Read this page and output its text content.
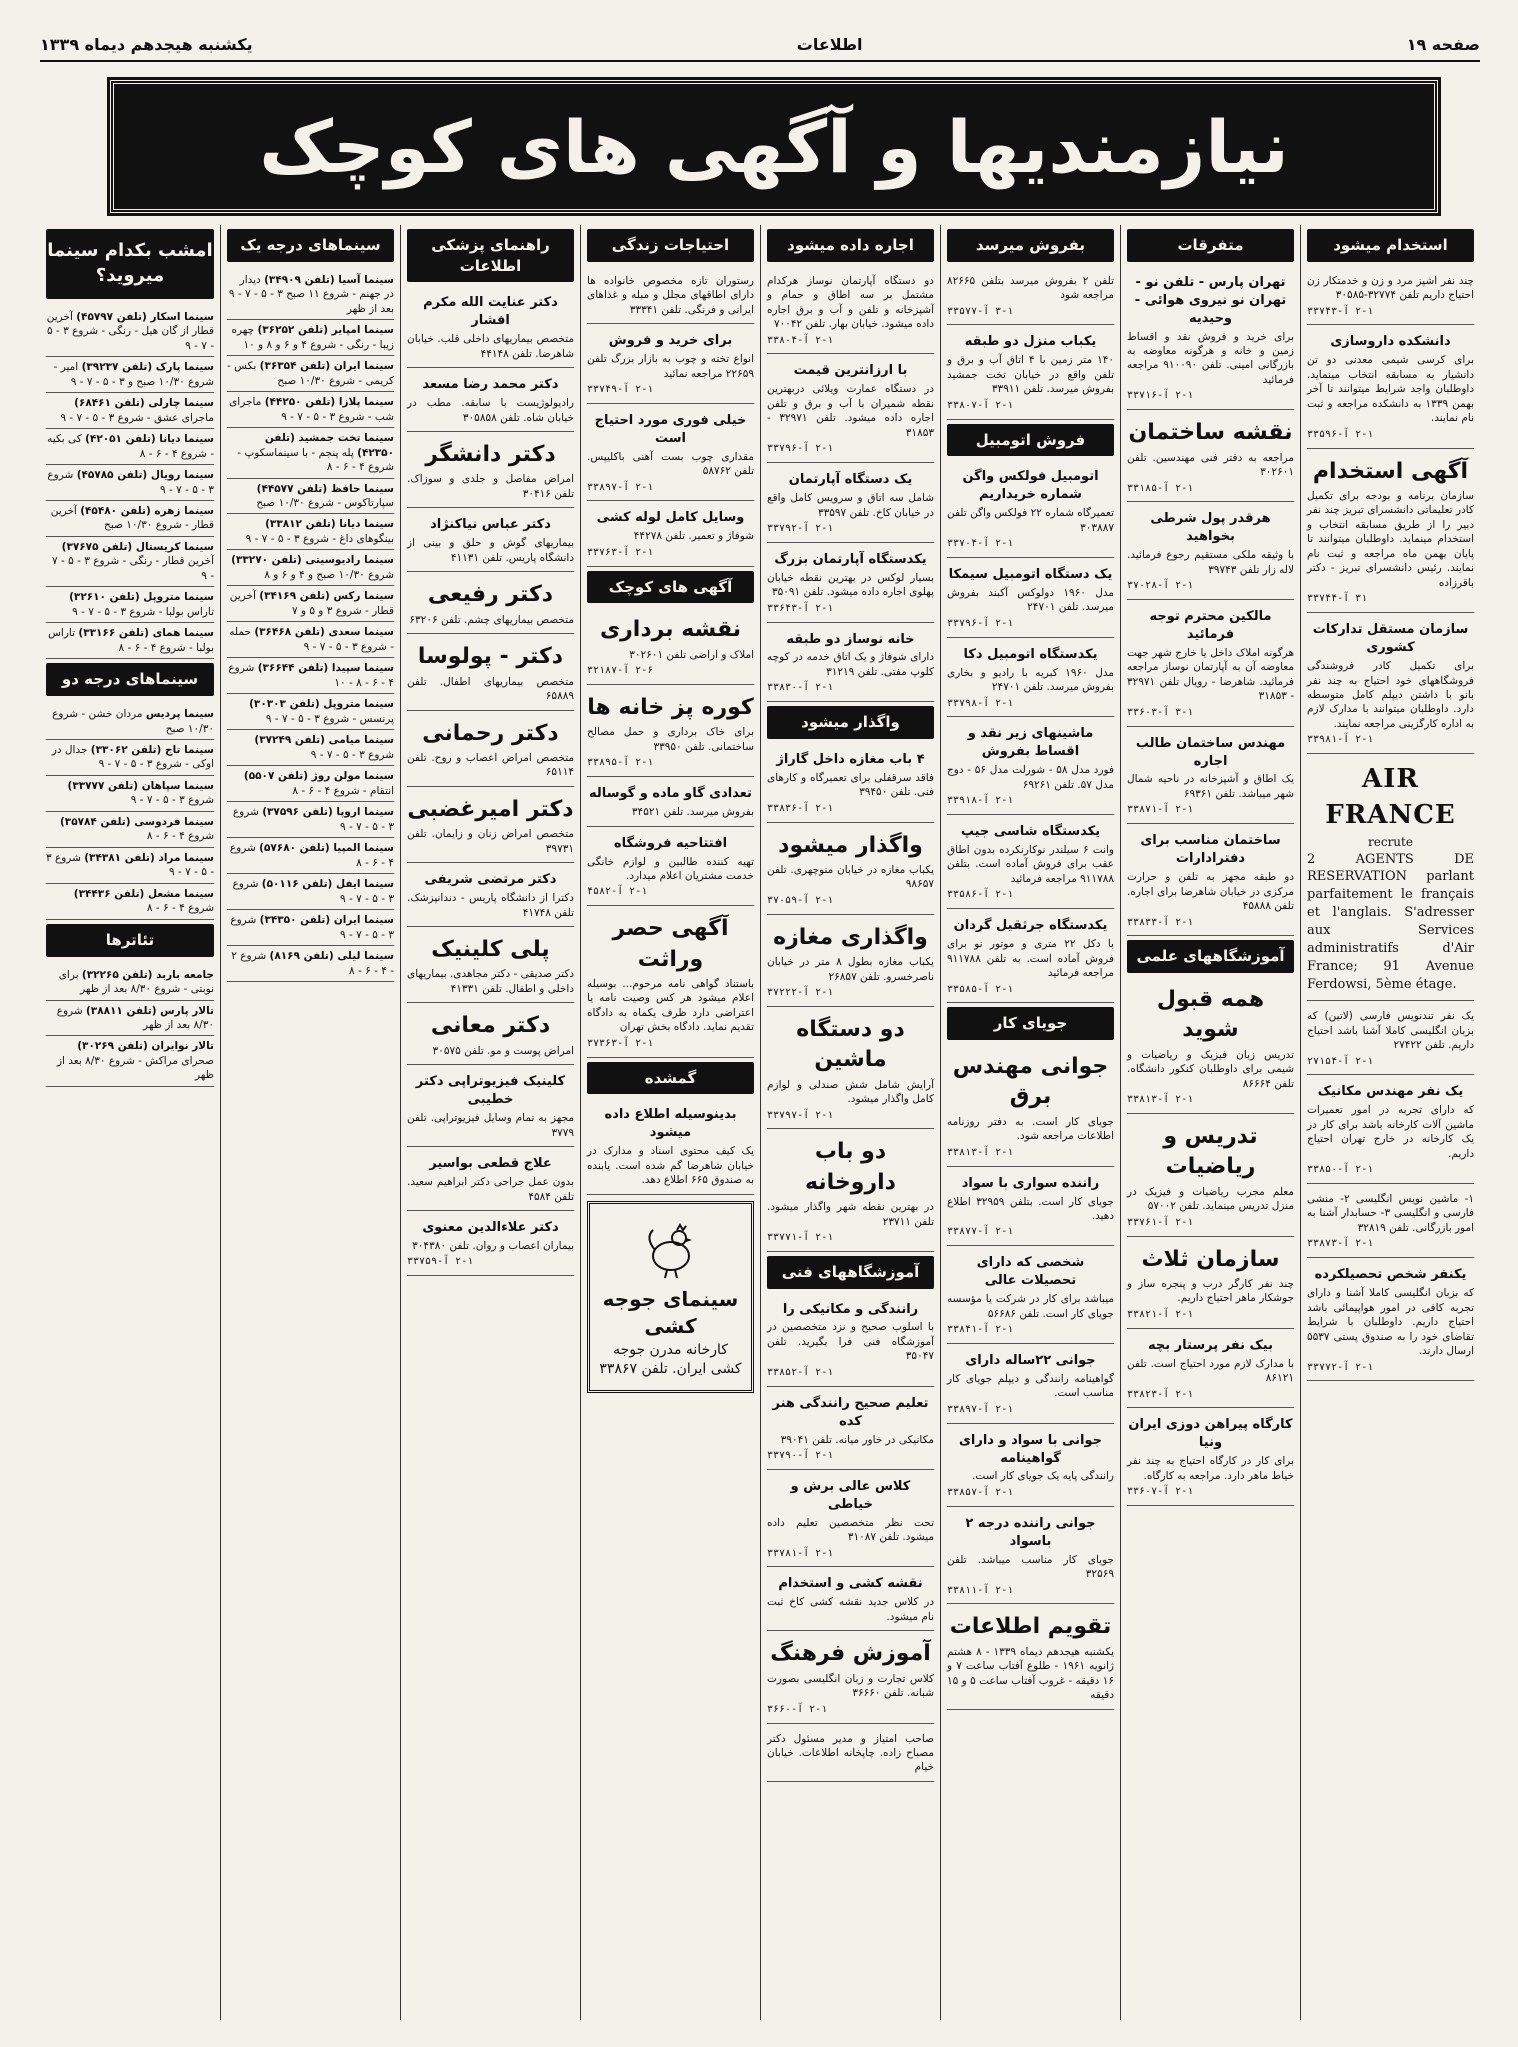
صفحه ۱۹
اطلاعات
یکشنبه هیجدهم دیماه ۱۳۳۹
نیازمندیها و آگهی های کوچک
استخدام میشود
چند نفر اشپز مرد و زن و خدمتکار زن احتیاج داریم تلفن ۳۲۷۷۴-۳۰۵۸۵
۲-۱ آ-۳۳۷۴۳
دانشکده داروسازی
برای کرسی شیمی معدنی دو تن دانشیار به مسابقه انتخاب مینماید. داوطلبان واجد شرایط میتوانند تا آخر بهمن ۱۳۳۹ به دانشکده مراجعه و ثبت نام نمایند.
۲-۱ آ-۳۳۵۹۶
آگهی استخدام
سازمان برنامه و بودجه برای تکمیل کادر تعلیماتی دانشسرای تبریز چند نفر دبیر را از طریق مسابقه انتخاب و استخدام مینماید. داوطلبان میتوانند تا پایان بهمن ماه مراجعه و ثبت نام نمایند. رئیس دانشسرای تبریز - دکتر باقرزاده
۳۱ آ-۳۳۷۴۴
سازمان مستقل تدارکات کشوری
برای تکمیل کادر فروشندگی فروشگاههای خود احتیاج به چند نفر بانو با داشتن دیپلم کامل متوسطه دارد. داوطلبان میتوانند با مدارک لازم به اداره کارگزینی مراجعه نمایند.
۲-۱ آ-۳۳۹۸۱
AIR FRANCE
recrute
2 AGENTS DE RESERVATION parlant parfaitement le français et l'anglais. S'adresser aux Services administratifs d'Air France; 91 Avenue Ferdowsi, 5ème étage.
یک نفر تندنویس فارسی (لاتین) که بزبان انگلیسی کاملا آشنا باشد احتیاج داریم. تلفن ۲۷۴۲۲
۲-۱ آ-۲۷۱۵۴
یک نفر مهندس مکانیک
که دارای تجربه در امور تعمیرات ماشین آلات کارخانه باشد برای کار در یک کارخانه در خارج تهران احتیاج داریم.
۲-۱ آ-۳۳۸۵۰
۱- ماشین نویس انگلیسی ۲- منشی فارسی و انگلیسی ۳- حسابدار آشنا به امور بازرگانی. تلفن ۳۲۸۱۹
۲-۱ آ-۳۳۸۷۳
یکنفر شخص تحصیلکرده
که بزبان انگلیسی کاملا آشنا و دارای تجربه کافی در امور هواپیمائی باشد احتیاج داریم. داوطلبان با شرایط تقاضای خود را به صندوق پستی ۵۵۳۷ ارسال دارند.
۲-۱ آ-۳۳۷۷۲
متفرقات
تهران پارس - تلفن نو - تهران نو نیروی هوائی - وحیدیه
برای خرید و فروش نقد و اقساط زمین و خانه و هرگونه معاوضه به بازرگانی امینی. تلفن ۹۱۰۰۹۰ مراجعه فرمائید
۲-۱ آ-۳۳۷۱۶
نقشه ساختمان
مراجعه به دفتر فنی مهندسین. تلفن ۳۰۲۶۰۱
۲-۱ آ-۳۳۱۸۵
هرقدر پول شرطی بخواهید
با وثیقه ملکی مستقیم رجوع فرمائید. لاله زار تلفن ۳۹۷۴۳
۲-۱ آ-۳۷۰۲۸
مالکین محترم توجه فرمائید
هرگونه املاک داخل یا خارج شهر جهت معاوضه آن به آپارتمان نوساز مراجعه فرمائید. شاهرضا - رویال تلفن ۳۲۹۷۱ - ۳۱۸۵۳
۳-۱ آ-۳۳۶۰۳
مهندس ساختمان طالب اجاره
یک اطاق و آشپزخانه در ناحیه شمال شهر میباشد. تلفن ۶۹۳۶۱
۲-۱ آ-۳۳۸۷۱
ساختمان مناسب برای دفترادارات
دو طبقه مجهز به تلفن و حرارت مرکزی در خیابان شاهرضا برای اجاره. تلفن ۴۵۸۸۸
۲-۱ آ-۳۳۸۳۳
آموزشگاههای علمی
همه قبول شوید
تدریس زبان فیزیک و ریاضیات و شیمی برای داوطلبان کنکور دانشگاه. تلفن ۸۶۶۶۴
۲-۱ آ-۳۳۸۱۳
تدریس و ریاضیات
معلم مجرب ریاضیات و فیزیک در منزل تدریس مینماید. تلفن ۵۷۰۰۲
۲-۱ آ-۳۳۷۶۱
سازمان ثلاث
چند نفر کارگر درب و پنجره ساز و جوشکار ماهر احتیاج داریم.
۲-۱ آ-۳۳۸۲۱
بیک نفر پرستار بچه
با مدارک لازم مورد احتیاج است. تلفن ۸۶۱۲۱
۲-۱ آ-۳۳۸۲۳
کارگاه پیراهن دوزی ایران ونیا
برای کار در کارگاه احتیاج به چند نفر خیاط ماهر دارد. مراجعه به کارگاه.
۲-۱ آ-۳۳۶۰۷
بفروش میرسد
تلفن ۲ بفروش میرسد بتلفن ۸۲۶۶۵ مراجعه شود
۳-۱ آ-۳۳۵۷۷
یکباب منزل دو طبقه
۱۴۰ متر زمین با ۴ اتاق آب و برق و تلفن واقع در خیابان تخت جمشید بفروش میرسد. تلفن ۳۳۹۱۱
۲-۱ آ-۳۳۸۰۷
فروش اتومبیل
اتومبیل فولکس واگن شماره خریداریم
تعمیرگاه شماره ۲۲ فولکس واگن تلفن ۳۰۳۸۸۷
۲-۱ آ-۳۳۷۰۴
یک دستگاه اتومبیل سیمکا
مدل ۱۹۶۰ دولوکس آکبند بفروش میرسد. تلفن ۲۴۷۰۱
۲-۱ آ-۳۳۷۹۶
یکدستگاه اتومبیل دکا
مدل ۱۹۶۰ کبریه با رادیو و بخاری بفروش میرسد. تلفن ۲۴۷۰۱
۲-۱ آ-۳۳۷۹۸
ماشینهای زیر نقد و اقساط بفروش
فورد مدل ۵۸ - شورلت مدل ۵۶ - دوج مدل ۵۷. تلفن ۶۹۲۶۱
۲-۱ آ-۳۳۹۱۸
یکدستگاه شاسی جیپ
وانت ۶ سیلندر نوکارنکرده بدون اطاق عقب برای فروش آماده است. بتلفن ۹۱۱۷۸۸ مراجعه فرمائید
۲-۱ آ-۳۳۵۸۶
یکدستگاه جرثقیل گردان
با دکل ۲۲ متری و موتور نو برای فروش آماده است. به تلفن ۹۱۱۷۸۸ مراجعه فرمائید
۲-۱ آ-۳۳۵۸۵
جویای کار
جوانی مهندس برق
جویای کار است. به دفتر روزنامه اطلاعات مراجعه شود.
۲-۱ آ-۳۳۸۱۳
راننده سواری با سواد
جویای کار است. بتلفن ۳۲۹۵۹ اطلاع دهید.
۲-۱ آ-۳۳۸۷۷
شخصی که دارای تحصیلات عالی
میباشد برای کار در شرکت یا مؤسسه جویای کار است. تلفن ۵۶۶۸۶
۲-۱ آ-۳۳۸۴۱
جوانی ۲۲ساله دارای
گواهینامه رانندگی و دیپلم جویای کار مناسب است.
۲-۱ آ-۳۳۸۹۷
جوانی با سواد و دارای گواهینامه
رانندگی پایه یک جویای کار است.
۲-۱ آ-۳۳۸۵۷
جوانی راننده درجه ۲ باسواد
جویای کار مناسب میباشد. تلفن ۳۲۵۶۹
۲-۱ آ-۳۳۸۱۱
تقویم اطلاعات
یکشنبه هیجدهم دیماه ۱۳۳۹ - ۸ هشتم ژانویه ۱۹۶۱ - طلوع آفتاب ساعت ۷ و ۱۶ دقیقه - غروب آفتاب ساعت ۵ و ۱۵ دقیقه
اجاره داده میشود
دو دستگاه آپارتمان نوساز هرکدام مشتمل بر سه اطاق و حمام و آشپزخانه و تلفن و آب و برق اجاره داده میشود. خیابان بهار. تلفن ۷۰۰۴۲
۲-۱ آ-۳۳۸۰۴
با ارزانترین قیمت
در دستگاه عمارت ویلائی دربهترین نقطه شمیران با آب و برق و تلفن اجاره داده میشود. تلفن ۳۲۹۷۱ - ۳۱۸۵۳
۲-۱ آ-۳۳۷۹۶
یک دستگاه آپارتمان
شامل سه اتاق و سرویس کامل واقع در خیابان کاخ. تلفن ۳۳۵۹۷
۲-۱ آ-۳۳۷۹۲
یکدستگاه آپارتمان بزرگ
بسیار لوکس در بهترین نقطه خیابان پهلوی اجاره داده میشود. تلفن ۳۵۰۹۱
۲-۱ آ-۳۳۶۴۳
خانه نوساز دو طبقه
دارای شوفاژ و یک اتاق خدمه در کوچه کلوپ مفتی. تلفن ۳۱۲۱۹
۲-۱ آ-۳۳۸۳۰
واگذار میشود
۴ باب مغازه داخل گاراژ
فاقد سرقفلی برای تعمیرگاه و کارهای فنی. تلفن ۳۹۴۵۰
۲-۱ آ-۳۳۸۳۶
واگذار میشود
یکباب مغازه در خیابان منوچهری. تلفن ۹۸۶۵۷
۲-۱ آ-۳۷۰۵۹
واگذاری مغازه
یکباب مغازه بطول ۸ متر در خیابان ناصرخسرو. تلفن ۲۶۸۵۷
۲-۱ آ-۳۷۲۲۲
دو دستگاه ماشین
آرایش شامل شش صندلی و لوازم کامل واگذار میشود.
۲-۱ آ-۳۳۷۹۷
دو باب داروخانه
در بهترین نقطه شهر واگذار میشود. تلفن ۲۳۷۱۱
۲-۱ آ-۳۳۷۷۱
آموزشگاههای فنی
رانندگی و مکانیکی را
با اسلوب صحیح و نزد متخصصین در آموزشگاه فنی فرا بگیرید. تلفن ۳۵۰۴۷
۲-۱ آ-۳۳۸۵۲
تعلیم صحیح رانندگی هنر کده
مکانیکی در خاور میانه. تلفن ۳۹۰۴۱
۲-۱ آ-۳۳۷۹۰
کلاس عالی برش و خیاطی
تحت نظر متخصصین تعلیم داده میشود. تلفن ۳۱۰۸۷
۲-۱ آ-۳۳۷۸۱
نقشه کشی و استخدام
در کلاس جدید نقشه کشی کاخ ثبت نام میشود.
آموزش فرهنگ
کلاس تجارت و زبان انگلیسی بصورت شبانه. تلفن ۳۶۶۶۰
۲-۱ آ-۳۶۶۰
صاحب امتیاز و مدیر مسئول دکتر مصباح زاده. چاپخانه اطلاعات. خیابان خیام
احتیاجات زندگی
رستوران تازه مخصوص خانواده ها دارای اطاقهای مجلل و مبله و غذاهای ایرانی و فرنگی. تلفن ۳۳۳۴۱
برای خرید و فروش
انواع تخته و چوب به بازار بزرگ تلفن ۲۲۶۵۹ مراجعه نمائید
۲-۱ آ-۳۳۷۴۹
خیلی فوری مورد احتیاج است
مقداری چوب بست آهنی باکلیپس. تلفن ۵۸۷۶۲
۲-۱ آ-۳۳۸۹۷
وسایل کامل لوله کشی
شوفاژ و تعمیر. تلفن ۴۴۲۷۸
۲-۱ آ-۳۳۷۶۳
آگهی های کوچک
نقشه برداری
املاک و اراضی تلفن ۳۰۲۶۰۱
۲-۶ آ-۳۲۱۸۷
کوره پز خانه ها
برای خاک برداری و حمل مصالح ساختمانی. تلفن ۳۳۹۵۰
۲-۱ آ-۳۳۸۹۵
تعدادی گاو ماده و گوساله
بفروش میرسد. تلفن ۳۴۵۲۱
افتتاحیه فروشگاه
تهیه کننده طالبین و لوازم خانگی خدمت مشتریان اعلام میدارد.
۲-۱ آ-۴۵۸۲
آگهی حصر وراثت
باستناد گواهی نامه مرحوم... بوسیله اعلام میشود هر کس وصیت نامه یا اعتراضی دارد ظرف یکماه به دادگاه تقدیم نماید. دادگاه بخش تهران
۲-۱ آ-۳۷۳۶۳
گمشده
بدینوسیله اطلاع داده میشود
یک کیف محتوی اسناد و مدارک در خیابان شاهرضا گم شده است. یابنده به صندوق ۶۶۵ اطلاع دهد.
سینمای جوجه کشی
کارخانه مدرن جوجه کشی ایران. تلفن ۳۳۸۶۷
راهنمای پزشکی اطلاعات
دکتر عنایت الله مکرم افشار
متخصص بیماریهای داخلی قلب. خیابان شاهرضا. تلفن ۴۴۱۴۸
دکتر محمد رضا مسعد
رادیولوژیست با سابقه. مطب در خیابان شاه. تلفن ۳۰۵۸۵۸
دکتر دانشگر
امراض مفاصل و جلدی و سوزاک. تلفن ۳۰۴۱۶
دکتر عباس نیاکنژاد
بیماریهای گوش و حلق و بینی از دانشگاه پاریس. تلفن ۴۱۱۳۱
دکتر رفیعی
متخصص بیماریهای چشم. تلفن ۶۳۲۰۶
دکتر - پولوسا
متخصص بیماریهای اطفال. تلفن ۶۵۸۸۹
دکتر رحمانی
متخصص امراض اعصاب و روح. تلفن ۶۵۱۱۴
دکتر امیرغضبی
متخصص امراض زنان و زایمان. تلفن ۳۹۷۳۱
دکتر مرتضی شریفی
دکترا از دانشگاه پاریس - دندانپزشک. تلفن ۴۱۷۴۸
پلی کلینیک
دکتر صدیقی - دکتر مجاهدی. بیماریهای داخلی و اطفال. تلفن ۴۱۳۳۱
دکتر معانی
امراض پوست و مو. تلفن ۳۰۵۷۵
کلینیک فیزیوتراپی دکتر خطیبی
مجهز به تمام وسایل فیزیوتراپی. تلفن ۳۷۷۹
علاج قطعی بواسیر
بدون عمل جراحی دکتر ابراهیم سعید. تلفن ۴۵۸۴
دکتر علاءالدین معنوی
بیماران اعصاب و روان. تلفن ۳۰۴۳۸۰
۲-۱ آ-۳۳۷۵۹
سینماهای درجه یک
سینما آسیا (تلفن ۳۴۹۰۹) دیدار در جهنم - شروع ۱۱ صبح ۳ - ۵ - ۷ - ۹ بعد از ظهر
سینما امپایر (تلفن ۳۶۲۵۲) چهره زیبا - رنگی - شروع ۴ و ۶ و ۸ و ۱۰
سینما ایران (تلفن ۳۶۳۵۴) بکس - کریمی - شروع ۱۰/۳۰ صبح
سینما پلازا (تلفن ۴۴۲۵۰) ماجرای شب - شروع ۳ - ۵ - ۷ - ۹
سینما تخت جمشید (تلفن ۴۲۳۵۰) پله پنجم - با سینماسکوپ - شروع ۴ - ۶ - ۸
سینما حافظ (تلفن ۴۴۵۷۷) سپارتاکوس - شروع ۱۰/۳۰ صبح
سینما دیانا (تلفن ۳۳۸۱۲) بینگوهای داغ - شروع ۳ - ۵ - ۷ - ۹
سینما رادیوسیتی (تلفن ۳۳۲۷۰) شروع ۱۰/۳۰ صبح و ۴ و ۶ و ۸
سینما رکس (تلفن ۳۴۱۶۹) آخرین قطار - شروع ۳ و ۵ و ۷
سینما سعدی (تلفن ۳۶۴۶۸) حمله - شروع ۳ - ۵ - ۷ - ۹
سینما سپیدا (تلفن ۳۶۶۴۴) شروع ۴ - ۶ - ۸ - ۱۰
سینما متروپل (تلفن ۳۰۳۰۳) پرنسس - شروع ۳ - ۵ - ۷ - ۹
سینما میامی (تلفن ۳۷۲۴۹) شروع ۳ - ۵ - ۷ - ۹
سینما مولن روژ (تلفن ۵۵۰۷) انتقام - شروع ۴ - ۶ - ۸
سینما اروپا (تلفن ۳۷۵۹۶) شروع ۳ - ۵ - ۷ - ۹
سینما المپیا (تلفن ۵۷۶۸۰) شروع ۴ - ۶ - ۸
سینما ایفل (تلفن ۵۰۱۱۶) شروع ۳ - ۵ - ۷ - ۹
سینما ایران (تلفن ۳۴۳۵۰) شروع ۳ - ۵ - ۷ - ۹
سینما لیلی (تلفن ۸۱۶۹) شروع ۲ - ۴ - ۶ - ۸
امشب بکدام سینما میروید؟
سینما اسکار (تلفن ۴۵۷۹۷) آخرین قطار از گان هیل - رنگی - شروع ۳ - ۵ - ۷ - ۹
سینما پارک (تلفن ۳۹۲۳۷) امیر - شروع ۱۰/۳۰ صبح و ۳ - ۵ - ۷ - ۹
سینما چارلی (تلفن ۶۸۴۶۱) ماجرای عشق - شروع ۳ - ۵ - ۷ - ۹
سینما دیانا (تلفن ۴۲۰۵۱) کی بکیه - شروع ۴ - ۶ - ۸
سینما رویال (تلفن ۴۵۷۸۵) شروع ۳ - ۵ - ۷ - ۹
سینما زهره (تلفن ۴۵۴۸۰) آخرین قطار - شروع ۱۰/۳۰ صبح
سینما کریستال (تلفن ۳۷۶۷۵) آخرین قطار - رنگی - شروع ۳ - ۵ - ۷ - ۹
سینما متروپل (تلفن ۳۲۶۱۰) تاراس بولبا - شروع ۳ - ۵ - ۷ - ۹
سینما همای (تلفن ۳۳۱۶۶) تاراس بولبا - شروع ۴ - ۶ - ۸
سینماهای درجه دو
سینما پردیس مردان خشن - شروع ۱۰/۳۰ صبح
سینما تاج (تلفن ۳۳۰۶۲) جدال در اوکی - شروع ۳ - ۵ - ۷ - ۹
سینما سپاهان (تلفن ۳۳۷۷۷) شروع ۳ - ۵ - ۷ - ۹
سینما فردوسی (تلفن ۳۵۷۸۴) شروع ۴ - ۶ - ۸
سینما مراد (تلفن ۳۴۳۸۱) شروع ۳ - ۵ - ۷ - ۹
سینما مشعل (تلفن ۳۴۴۳۶) شروع ۴ - ۶ - ۸
تئاترها
جامعه باربد (تلفن ۳۲۲۶۵) برای نوبتی - شروع ۸/۳۰ بعد از ظهر
تالار پارس (تلفن ۳۸۸۱۱) شروع ۸/۳۰ بعد از ظهر
تالار نوایران (تلفن ۳۰۲۶۹) صحرای مراکش - شروع ۸/۳۰ بعد از ظهر
